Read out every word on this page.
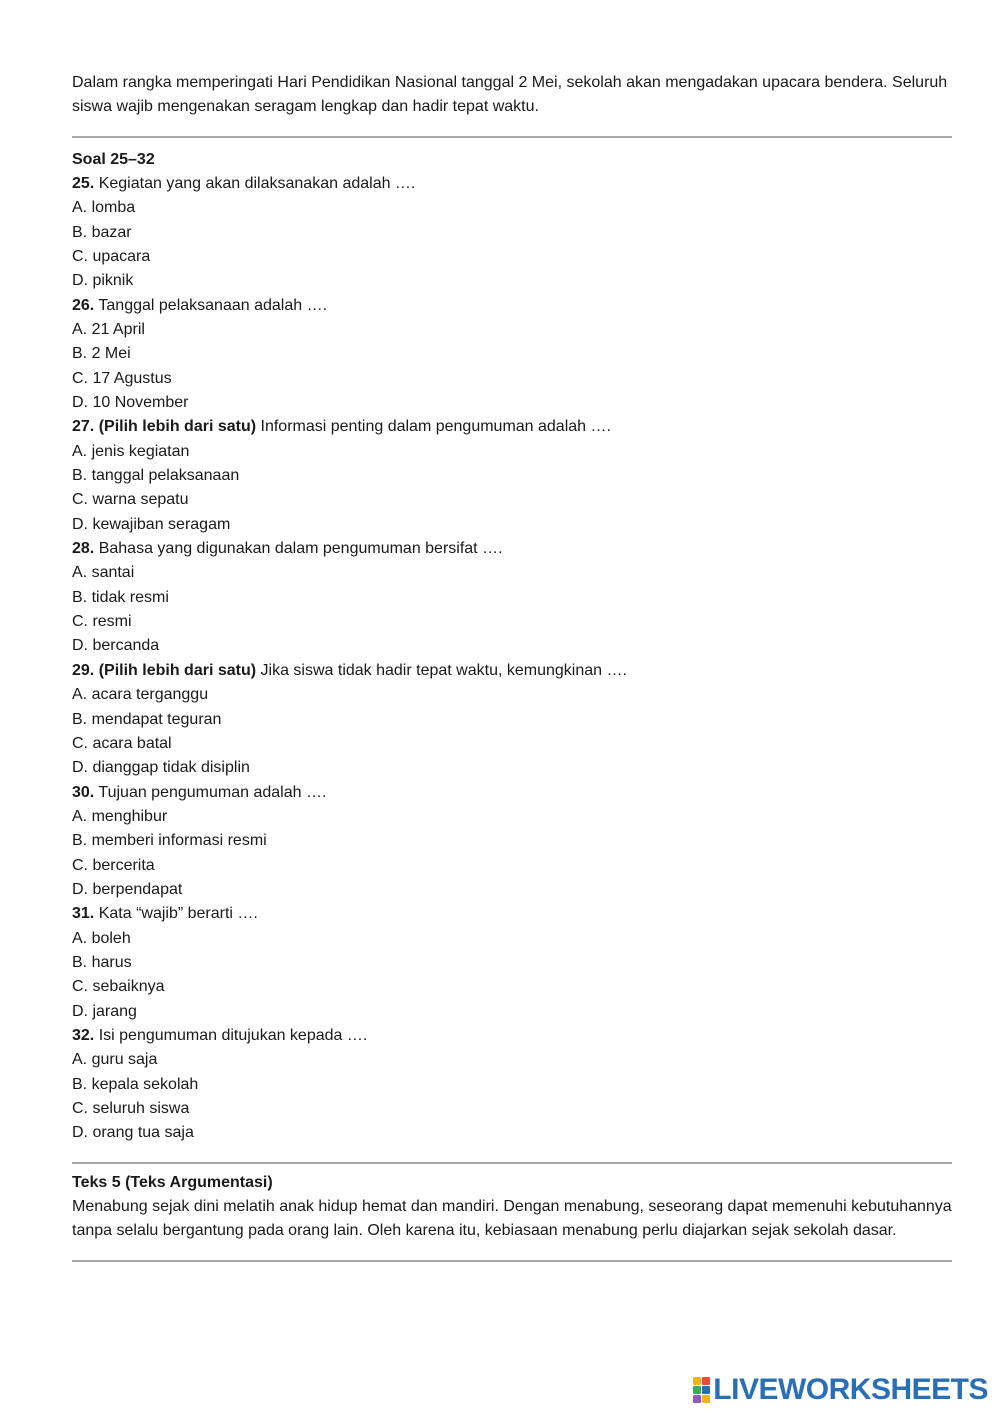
Dalam rangka memperingati Hari Pendidikan Nasional tanggal 2 Mei, sekolah akan mengadakan upacara bendera. Seluruh siswa wajib mengenakan seragam lengkap dan hadir tepat waktu.

Soal 25–32
25. Kegiatan yang akan dilaksanakan adalah ….
A. lomba
B. bazar
C. upacara
D. piknik
26. Tanggal pelaksanaan adalah ….
A. 21 April
B. 2 Mei
C. 17 Agustus
D. 10 November
27. (Pilih lebih dari satu) Informasi penting dalam pengumuman adalah ….
A. jenis kegiatan
B. tanggal pelaksanaan
C. warna sepatu
D. kewajiban seragam
28. Bahasa yang digunakan dalam pengumuman bersifat ….
A. santai
B. tidak resmi
C. resmi
D. bercanda
29. (Pilih lebih dari satu) Jika siswa tidak hadir tepat waktu, kemungkinan ….
A. acara terganggu
B. mendapat teguran
C. acara batal
D. dianggap tidak disiplin
30. Tujuan pengumuman adalah ….
A. menghibur
B. memberi informasi resmi
C. bercerita
D. berpendapat
31. Kata “wajib” berarti ….
A. boleh
B. harus
C. sebaiknya
D. jarang
32. Isi pengumuman ditujukan kepada ….
A. guru saja
B. kepala sekolah
C. seluruh siswa
D. orang tua saja
Teks 5 (Teks Argumentasi)

Menabung sejak dini melatih anak hidup hemat dan mandiri. Dengan menabung, seseorang dapat memenuhi kebutuhannya tanpa selalu bergantung pada orang lain. Oleh karena itu, kebiasaan menabung perlu diajarkan sejak sekolah dasar.

LIVEWORKSHEETS
